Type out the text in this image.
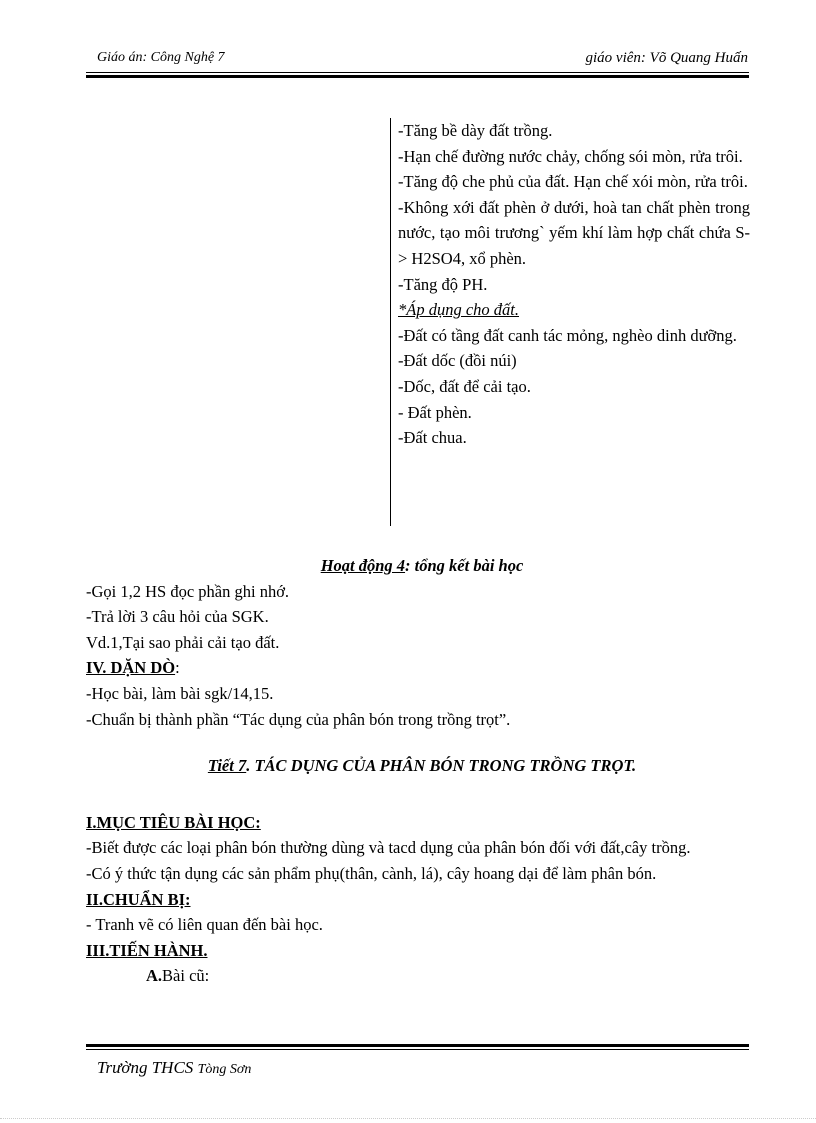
Giáo án: Công Nghệ 7	giáo viên: Võ Quang Huấn

-Tăng bề dày đất trồng.

-Hạn chế đường nước chảy, chống sói mòn, rửa trôi.

-Tăng độ che phủ của đất. Hạn chế xói mòn, rửa trôi.

-Không xới đất phèn ở dưới, hoà tan chất phèn trong nước, tạo môi trương` yếm khí làm hợp chất chứa S-> H2SO4, xổ phèn.

-Tăng độ PH.

*Áp dụng cho đất.

-Đất có tầng đất canh tác mỏng, nghèo dinh dưỡng.

-Đất dốc (đồi núi)

-Dốc, đất để cải tạo.

- Đất phèn.

-Đất chua.

Hoạt động 4: tổng kết bài học

-Gọi 1,2 HS đọc phần ghi nhớ.

-Trả lời 3 câu hỏi của SGK.

Vd.1,Tại sao phải cải tạo đất.

IV. DẶN DÒ:

-Học bài, làm bài sgk/14,15.

-Chuẩn bị thành phần “Tác dụng của phân bón trong trồng trọt”.

Tiết 7. TÁC DỤNG CỦA PHÂN BÓN TRONG TRỒNG TRỌT.

I.MỤC TIÊU BÀI HỌC:

-Biết được các loại phân bón thường dùng và tacd dụng của phân bón đối với đất,cây trồng.

-Có ý thức tận dụng các sản phẩm phụ(thân, cành, lá), cây hoang dại để làm phân bón.

II.CHUẨN BỊ:

- Tranh vẽ có liên quan đến bài học.

III.TIẾN HÀNH.

A.Bài cũ:

Trường THCS Tòng Sơn
